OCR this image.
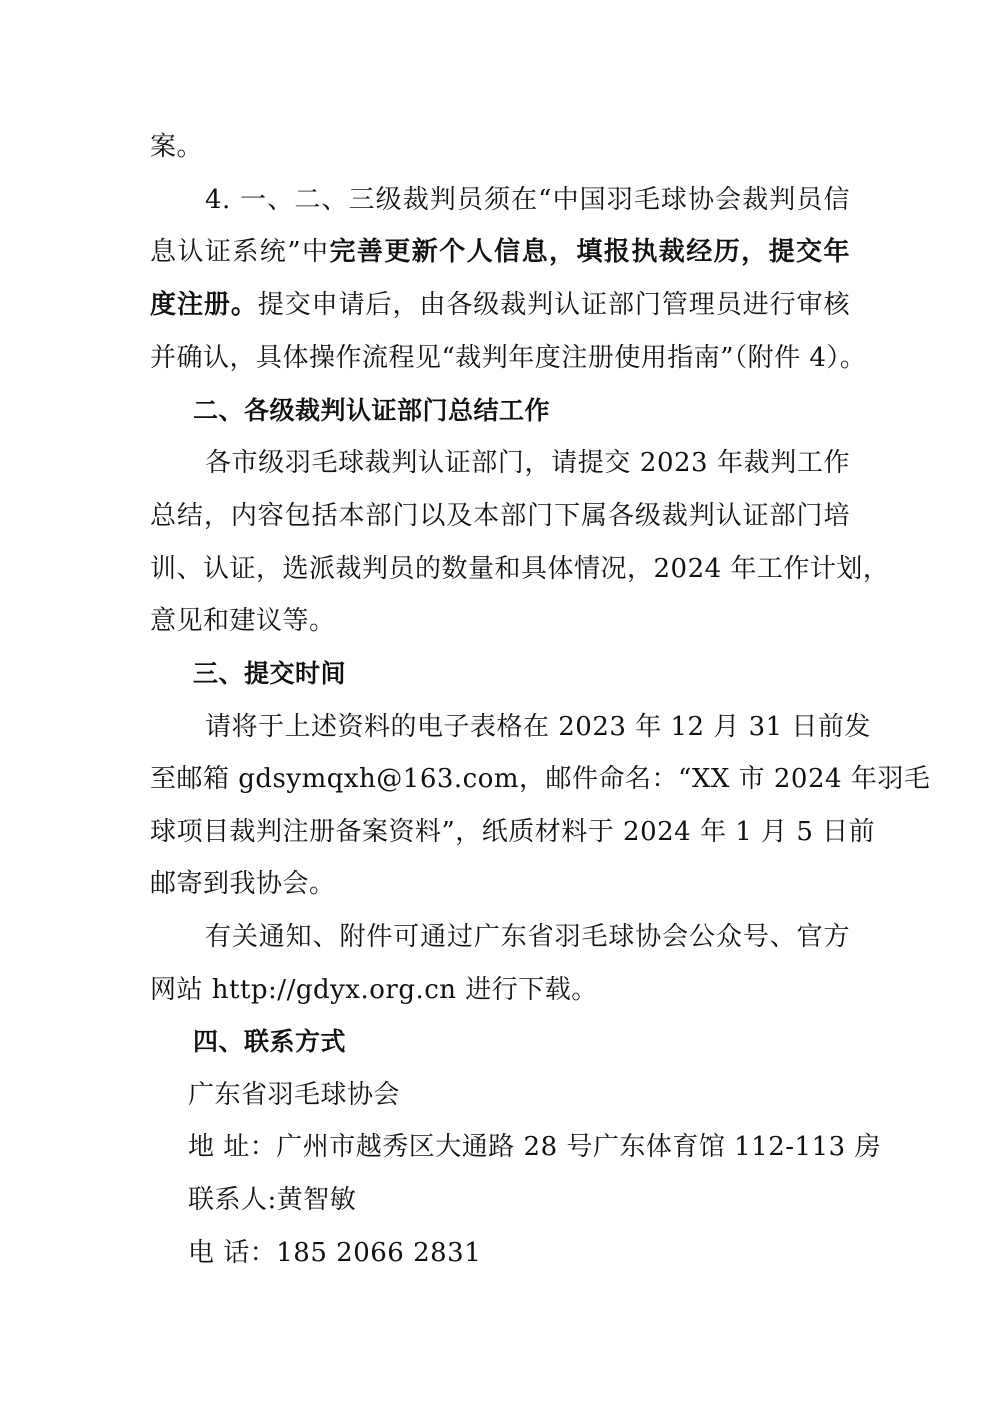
案。
4. 一、二、三级裁判员须在“中国羽毛球协会裁判员信
息认证系统”中完善更新个人信息，填报执裁经历，提交年
度注册。提交申请后，由各级裁判认证部门管理员进行审核
并确认，具体操作流程见“裁判年度注册使用指南”（附件 4）。
二、各级裁判认证部门总结工作
各市级羽毛球裁判认证部门，请提交 2023 年裁判工作
总结，内容包括本部门以及本部门下属各级裁判认证部门培
训、认证，选派裁判员的数量和具体情况，2024 年工作计划，
意见和建议等。
三、提交时间
请将于上述资料的电子表格在 2023 年 12 月 31 日前发
至邮箱 gdsymqxh@163.com，邮件命名：“XX 市 2024 年羽毛
球项目裁判注册备案资料”，纸质材料于 2024 年 1 月 5 日前
邮寄到我协会。
有关通知、附件可通过广东省羽毛球协会公众号、官方
网站 http://gdyx.org.cn 进行下载。
四、联系方式
广东省羽毛球协会
地 址：广州市越秀区大通路 28 号广东体育馆 112-113 房
联系人:黄智敏
电 话：185 2066 2831
